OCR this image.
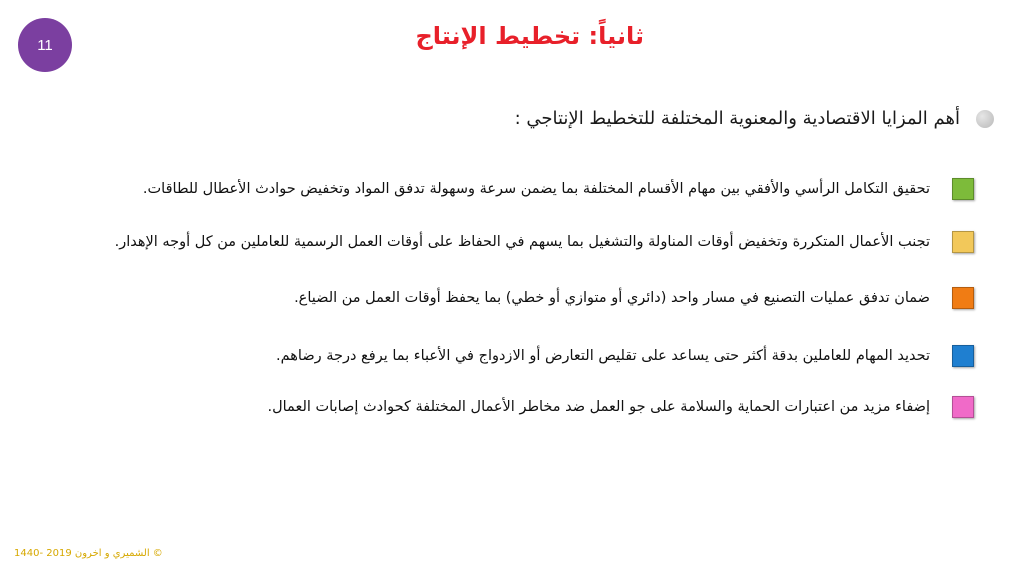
11	ثانياً: تخطيط الإنتاج
أهم المزايا الاقتصادية والمعنوية المختلفة للتخطيط الإنتاجي :
تحقيق التكامل الرأسي والأفقي بين مهام الأقسام المختلفة بما يضمن سرعة وسهولة تدفق المواد وتخفيض حوادث الأعطال للطاقات.
تجنب الأعمال المتكررة وتخفيض أوقات المناولة والتشغيل بما يسهم في الحفاظ على أوقات العمل الرسمية للعاملين من كل أوجه الإهدار.
ضمان تدفق عمليات التصنيع في مسار واحد (دائري أو متوازي أو خطي) بما يحفظ أوقات العمل من الضياع.
تحديد المهام للعاملين بدقة أكثر حتى يساعد على تقليص التعارض أو الازدواج في الأعباء بما يرفع درجة رضاهم.
إضفاء مزيد من اعتبارات الحماية والسلامة على جو العمل ضد مخاطر الأعمال المختلفة كحوادث إصابات العمال.
© الشميري و اخرون 2019 -1440
